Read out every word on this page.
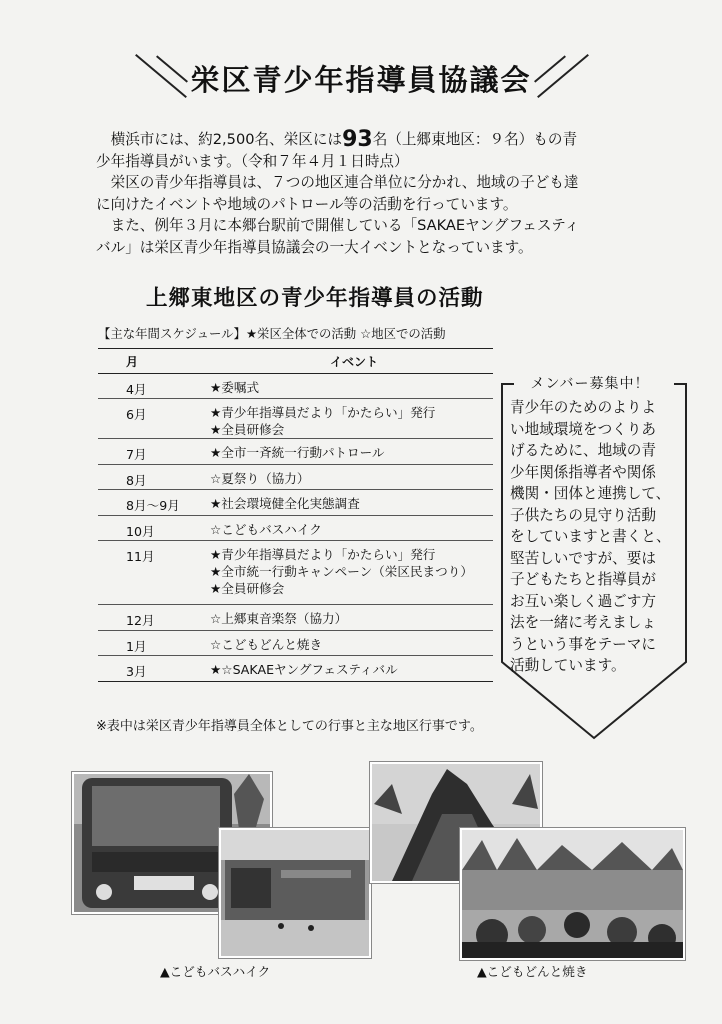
栄区青少年指導員協議会

横浜市には、約2,500名、栄区には93名（上郷東地区：９名）もの青

少年指導員がいます。（令和７年４月１日時点）

栄区の青少年指導員は、７つの地区連合単位に分かれ、地域の子ども達

に向けたイベントや地域のパトロール等の活動を行っています。

また、例年３月に本郷台駅前で開催している「SAKAEヤングフェスティ

バル」は栄区青少年指導員協議会の一大イベントとなっています。

上郷東地区の青少年指導員の活動
【主な年間スケジュール】★栄区全体での活動 ☆地区での活動
月	イベント
4月	★委嘱式

6月	★青少年指導員だより「かたらい」発行
★全員研修会

7月	★全市一斉統一行動パトロール

8月	☆夏祭り（協力）

8月～9月	★社会環境健全化実態調査

10月	☆こどもバスハイク

11月	★青少年指導員だより「かたらい」発行
★全市統一行動キャンペーン（栄区民まつり）
★全員研修会

12月	☆上郷東音楽祭（協力）

1月	☆こどもどんと焼き

3月	★☆SAKAEヤングフェスティバル
※表中は栄区青少年指導員全体としての行事と主な地区行事です。
メンバー募集中！
青少年のためのよりよ
い地域環境をつくりあ
げるために、地域の青
少年関係指導者や関係
機関・団体と連携して、
子供たちの見守り活動
をしていますと書くと、
堅苦しいですが、要は
子どもたちと指導員が
お互い楽しく過ごす方
法を一緒に考えましょ
うという事をテーマに
活動しています。
▲こどもバスハイク	▲こどもどんと焼き
